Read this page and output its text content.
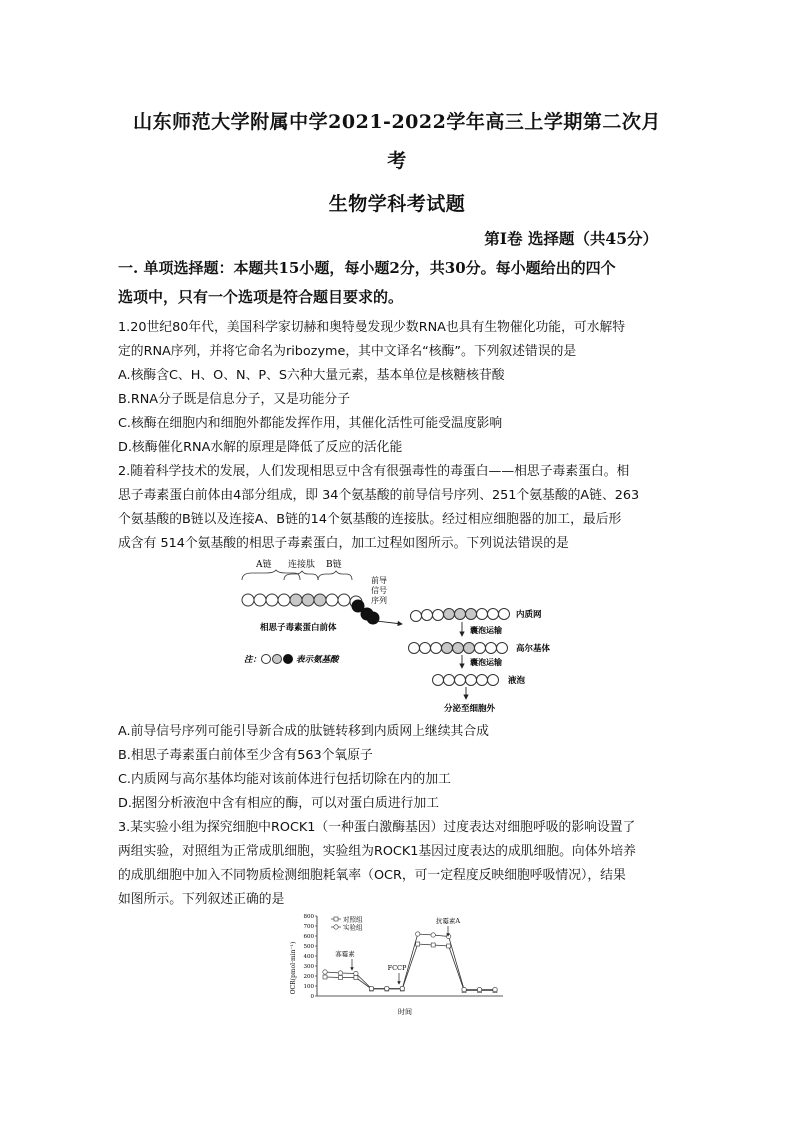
山东师范大学附属中学2021-2022学年高三上学期第二次月
考
生物学科考试题
第Ⅰ卷 选择题（共45分）
一. 单项选择题：本题共15小题，每小题2分，共30分。每小题给出的四个
选项中，只有一个选项是符合题目要求的。
1.20世纪80年代，美国科学家切赫和奥特曼发现少数RNA也具有生物催化功能，可水解特
定的RNA序列，并将它命名为ribozyme，其中文译名“核酶”。下列叙述错误的是
A.核酶含C、H、O、N、P、S六种大量元素，基本单位是核糖核苷酸
B.RNA分子既是信息分子，又是功能分子
C.核酶在细胞内和细胞外都能发挥作用，其催化活性可能受温度影响
D.核酶催化RNA水解的原理是降低了反应的活化能
2.随着科学技术的发展，人们发现相思豆中含有很强毒性的毒蛋白——相思子毒素蛋白。相
思子毒素蛋白前体由4部分组成，即 34个氨基酸的前导信号序列、251个氨基酸的A链、263
个氨基酸的B链以及连接A、B链的14个氨基酸的连接肽。经过相应细胞器的加工，最后形
成含有 514个氨基酸的相思子毒素蛋白，加工过程如图所示。下列说法错误的是
A链 连接肽 B链
前导
信号
序列
相思子毒素蛋白前体
注：	表示氨基酸
内质网
囊泡运输
高尔基体
囊泡运输
液泡
分泌至细胞外
A.前导信号序列可能引导新合成的肽链转移到内质网上继续其合成
B.相思子毒素蛋白前体至少含有563个氧原子
C.内质网与高尔基体均能对该前体进行包括切除在内的加工
D.据图分析液泡中含有相应的酶，可以对蛋白质进行加工
3.某实验小组为探究细胞中ROCK1（一种蛋白激酶基因）过度表达对细胞呼吸的影响设置了
两组实验，对照组为正常成肌细胞，实验组为ROCK1基因过度表达的成肌细胞。向体外培养
的成肌细胞中加入不同物质检测细胞耗氧率（OCR，可一定程度反映细胞呼吸情况），结果
如图所示。下列叙述正确的是
OCR(pmol·min⁻¹)
时间
0
100
200
300
400
500
600
700
800	对照组
实验组
寡霉素
FCCP
抗霉素A
